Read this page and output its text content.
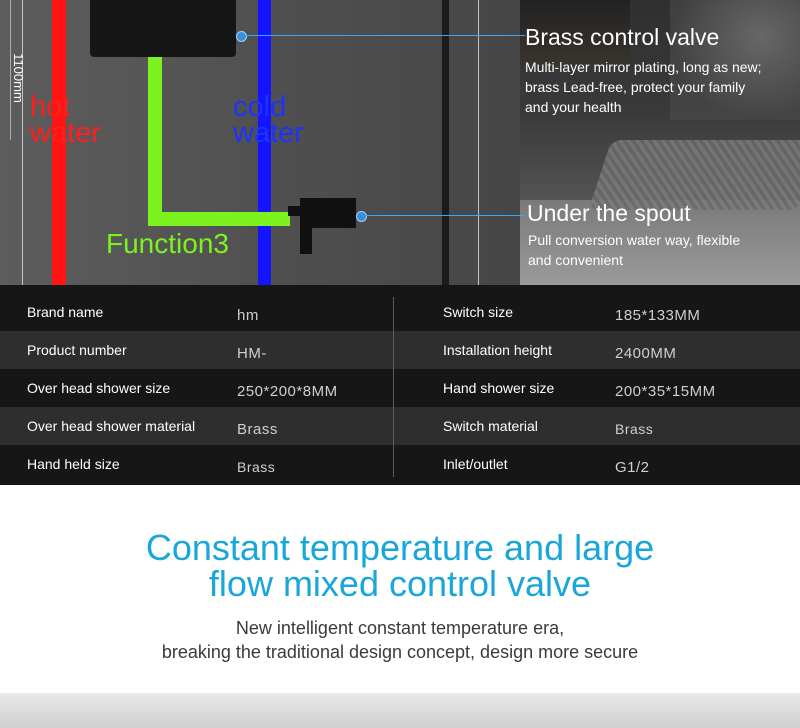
1100mm
hot
water
cold
water
Function3
Brass control valve
Multi-layer mirror plating, long as new;
brass Lead-free, protect your family
and your health
Under the spout
Pull conversion water way, flexible
and convenient
Brand name	hm	Switch size	185*133MM
Product number	HM-	Installation height	2400MM
Over head shower size	250*200*8MM	Hand shower size	200*35*15MM
Over head shower material	Brass	Switch material	Brass
Hand held size	Brass	Inlet/outlet	G1/2
Constant temperature and large
flow mixed control valve
New intelligent constant temperature era,
breaking the traditional design concept, design more secure
